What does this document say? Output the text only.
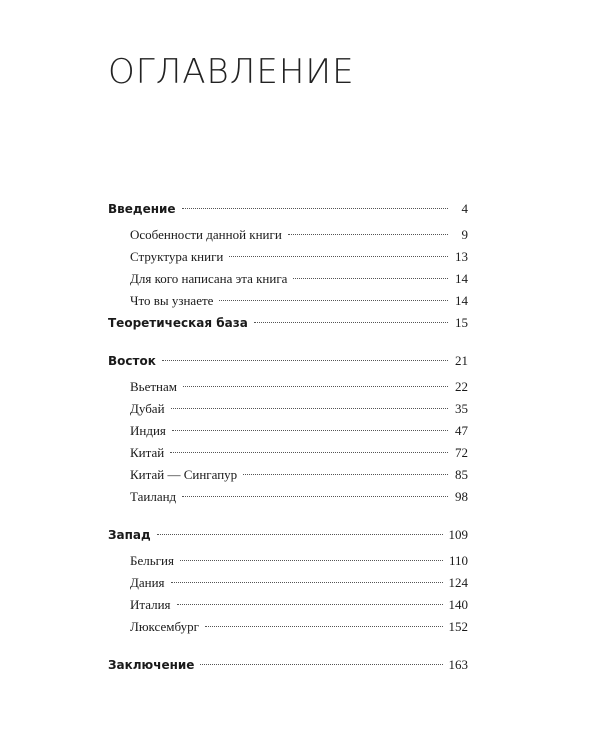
ОГЛАВЛЕНИЕ
Введение	4
Особенности данной книги	9
Структура книги	13
Для кого написана эта книга	14
Что вы узнаете	14
Теоретическая база	15
Восток	21
Вьетнам	22
Дубай	35
Индия	47
Китай	72
Китай — Сингапур	85
Таиланд	98
Запад	109
Бельгия	110
Дания	124
Италия	140
Люксембург	152
Заключение	163
